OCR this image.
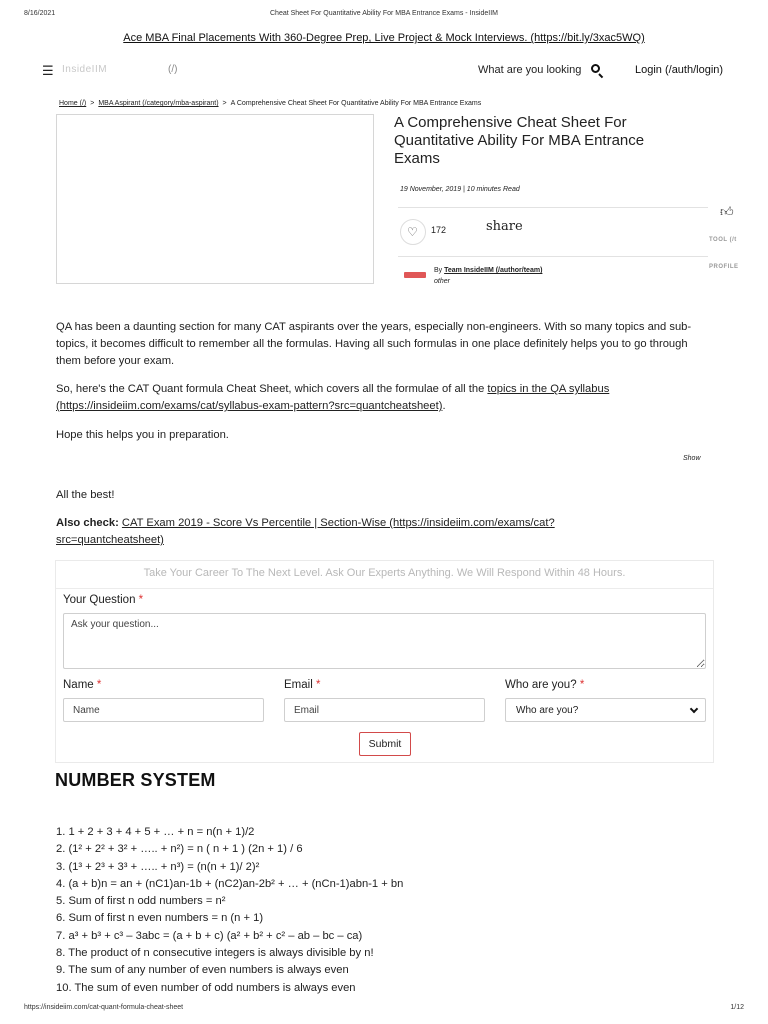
8/16/2021	Cheat Sheet For Quantitative Ability For MBA Entrance Exams - InsideIIM
Ace MBA Final Placements With 360-Degree Prep, Live Project & Mock Interviews. (https://bit.ly/3xac5WQ)
☰ InsideIIM	(/)
What are you looking for?	Login (/auth/login)
Home (/) > MBA Aspirant (/category/mba-aspirant) > A Comprehensive Cheat Sheet For Quantitative Ability For MBA Entrance Exams
A Comprehensive Cheat Sheet For Quantitative Ability For MBA Entrance Exams
19 November, 2019 | 10 minutes Read
♡ 172	share
By Team InsideIIM (/author/team)
other
👍︎
TOOL (/t
PROFILE

QA has been a daunting section for many CAT aspirants over the years, especially non-engineers. With so many topics and sub-topics, it becomes difficult to remember all the formulas. Having all such formulas in one place definitely helps you to go through them before your exam.

So, here's the CAT Quant formula Cheat Sheet, which covers all the formulae of all the topics in the QA syllabus (https://insideiim.com/exams/cat/syllabus-exam-pattern?src=quantcheatsheet).

Hope this helps you in preparation.

Show

All the best!

Also check: CAT Exam 2019 - Score Vs Percentile | Section-Wise (https://insideiim.com/exams/cat?src=quantcheatsheet)

Take Your Career To The Next Level. Ask Our Experts Anything. We Will Respond Within 48 Hours.
Your Question *
Ask your question...
Name *
Name	Email *
Email	Who are you? *
Who are you?
Submit
NUMBER SYSTEM
1. 1 + 2 + 3 + 4 + 5 + … + n = n(n + 1)/2
2. (1² + 2² + 3² + ….. + n²) = n ( n + 1 ) (2n + 1) / 6
3. (1³ + 2³ + 3³ + ….. + n³) = (n(n + 1)/ 2)²
4. (a + b)n = an + (nC1)an-1b + (nC2)an-2b² + … + (nCn-1)abn-1 + bn
5. Sum of first n odd numbers = n²
6. Sum of first n even numbers = n (n + 1)
7. a³ + b³ + c³ – 3abc = (a + b + c) (a² + b² + c² – ab – bc – ca)
8. The product of n consecutive integers is always divisible by n!
9. The sum of any number of even numbers is always even
10. The sum of even number of odd numbers is always even
https://insideiim.com/cat-quant-formula-cheat-sheet	1/12
